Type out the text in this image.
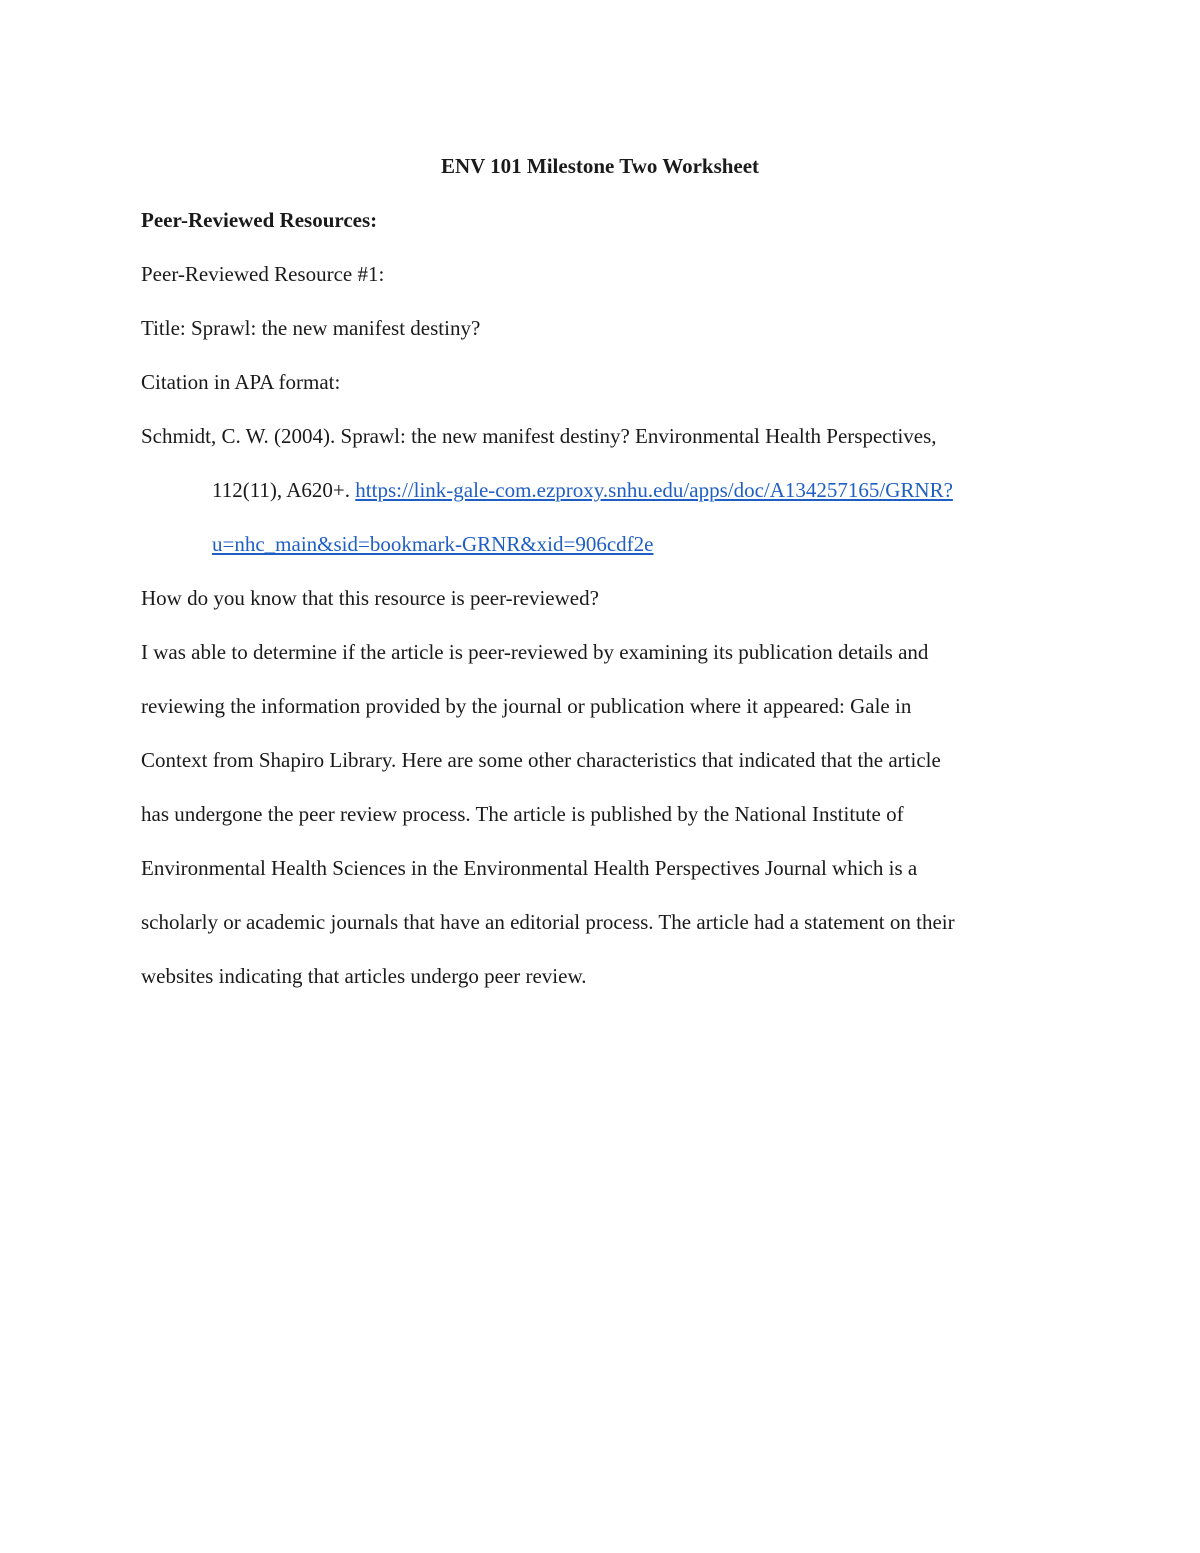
ENV 101 Milestone Two Worksheet

Peer-Reviewed Resources:

Peer-Reviewed Resource #1:

Title: Sprawl: the new manifest destiny?

Citation in APA format:

Schmidt, C. W. (2004). Sprawl: the new manifest destiny? Environmental Health Perspectives,

112(11), A620+. https://link-gale-com.ezproxy.snhu.edu/apps/doc/A134257165/GRNR?

u=nhc_main&sid=bookmark-GRNR&xid=906cdf2e

How do you know that this resource is peer-reviewed?

I was able to determine if the article is peer-reviewed by examining its publication details and

reviewing the information provided by the journal or publication where it appeared: Gale in

Context from Shapiro Library. Here are some other characteristics that indicated that the article

has undergone the peer review process. The article is published by the National Institute of

Environmental Health Sciences in the Environmental Health Perspectives Journal which is a

scholarly or academic journals that have an editorial process. The article had a statement on their

websites indicating that articles undergo peer review.
